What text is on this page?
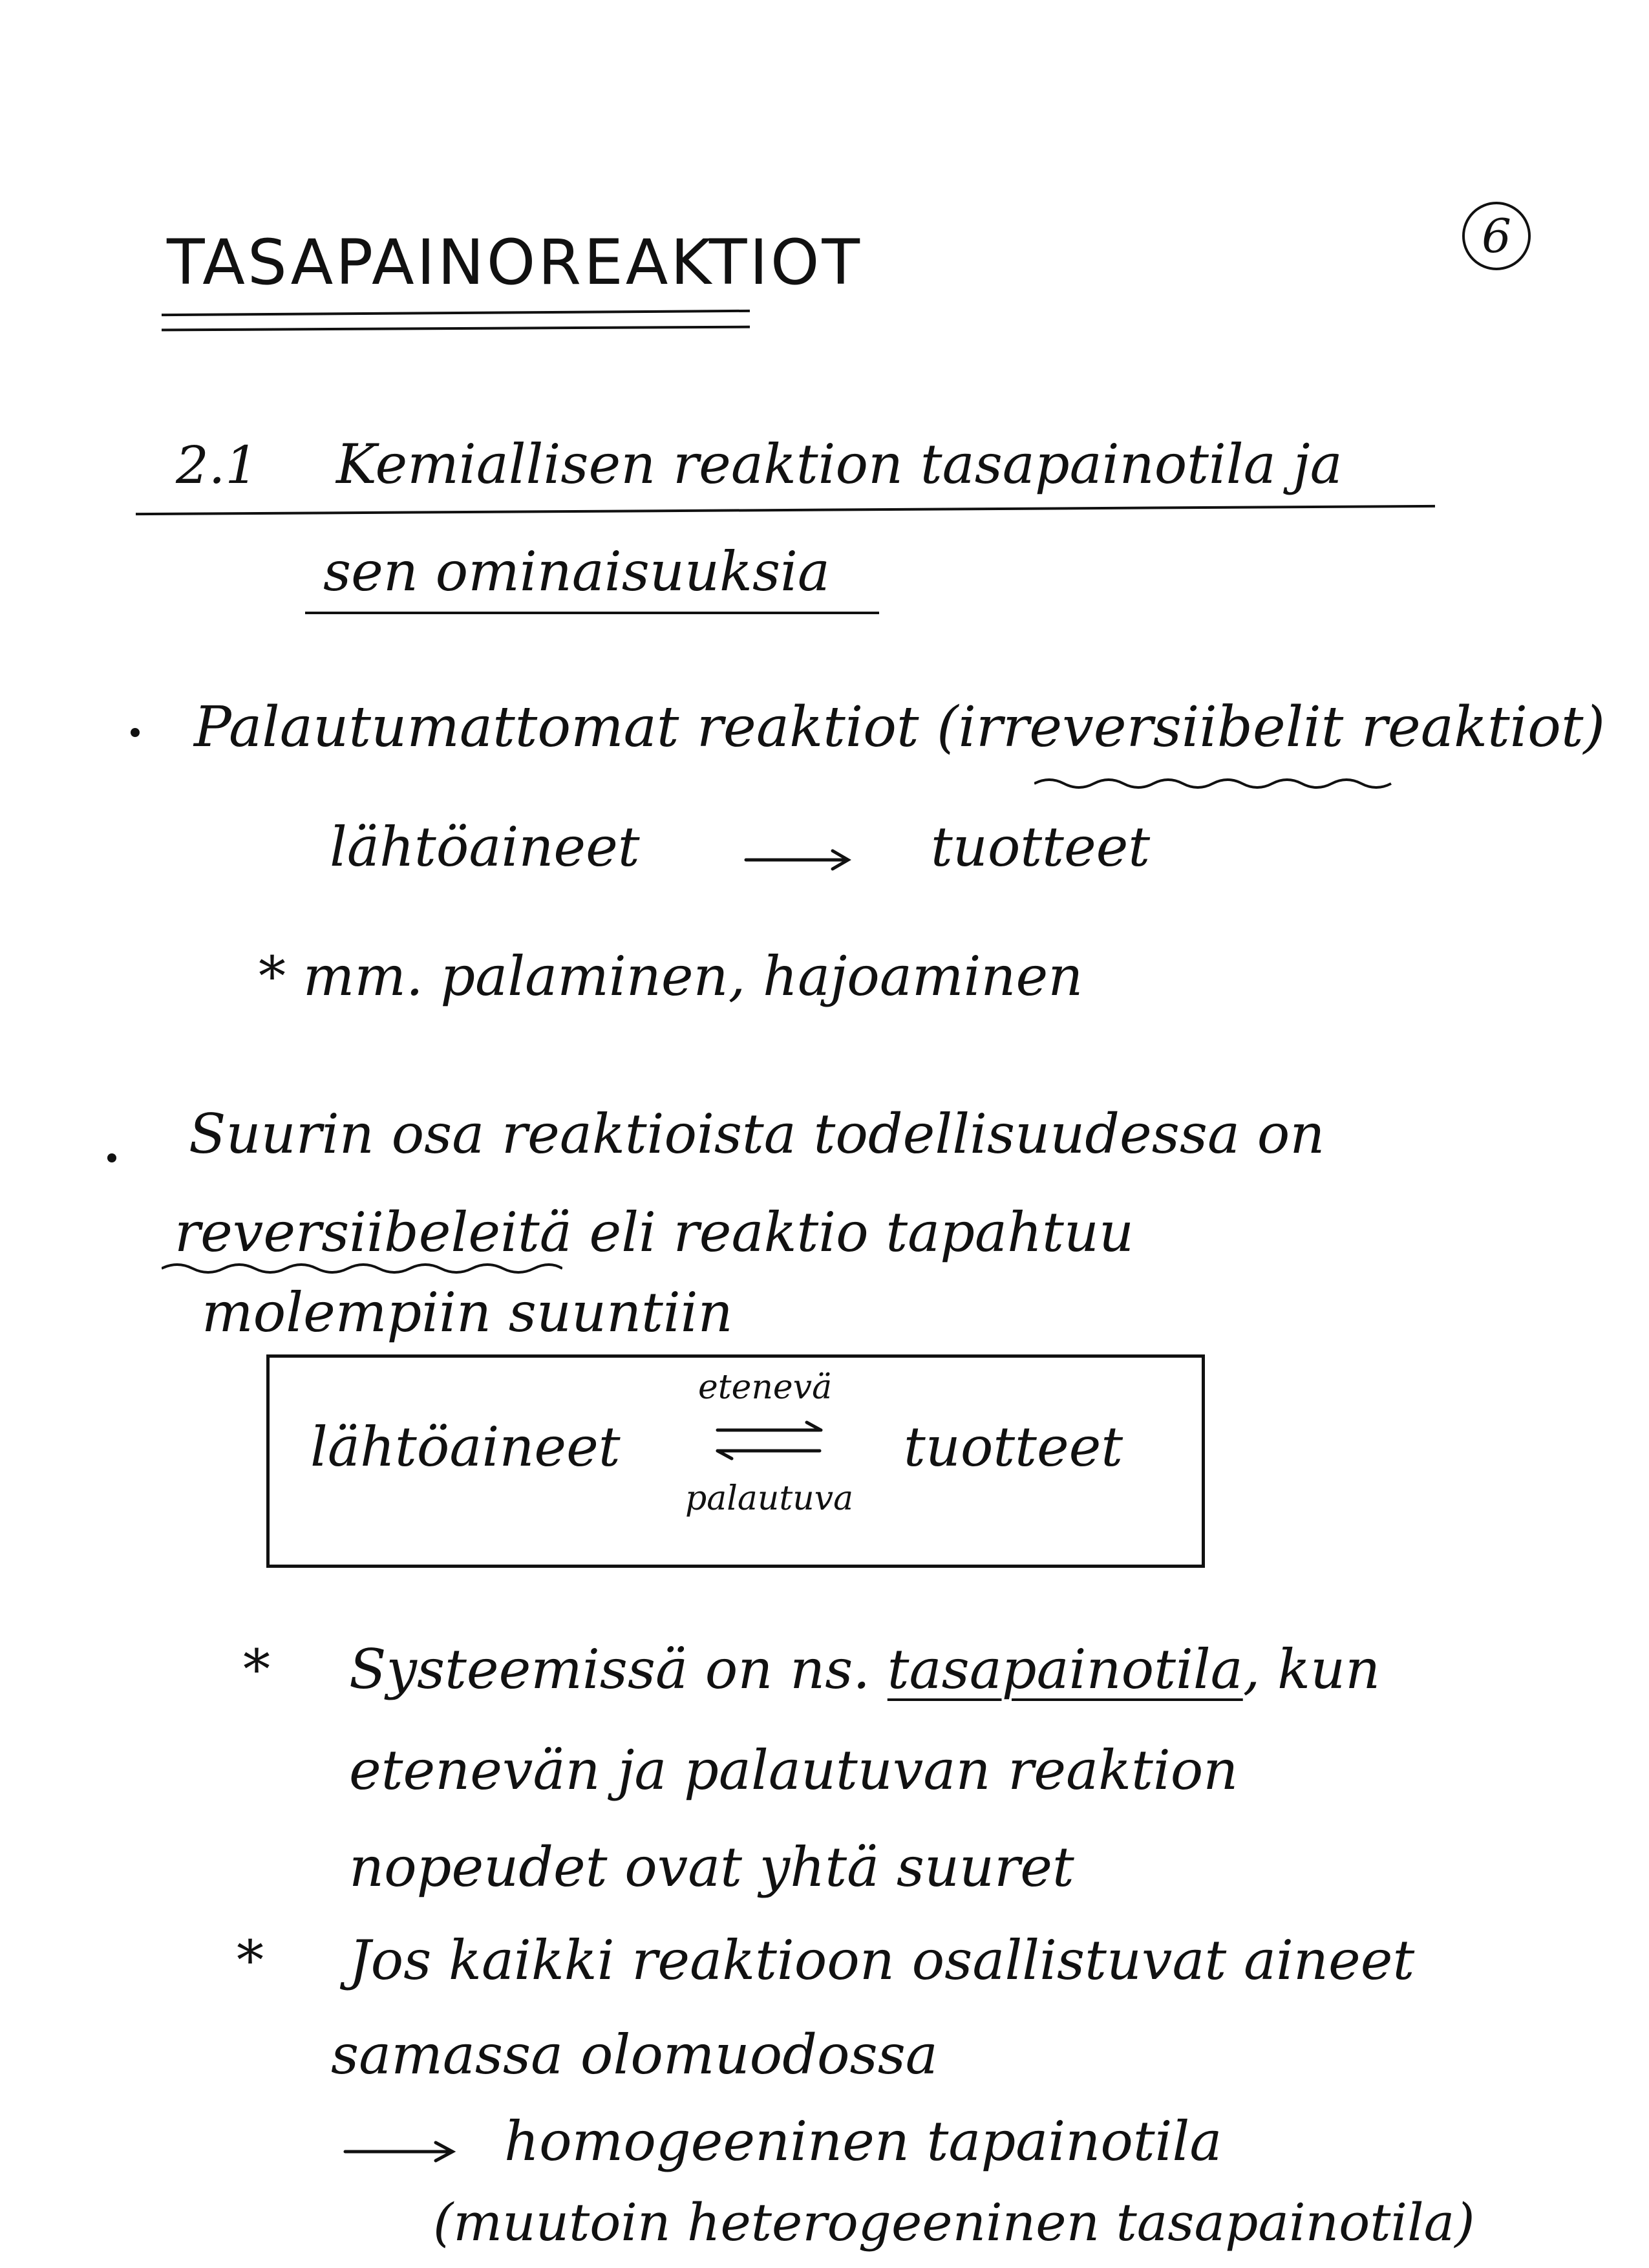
6
TASAPAINOREAKTIOT
2.1 Kemiallisen reaktion tasapainotila ja
sen ominaisuuksia
Palautumattomat reaktiot (irreversiibelit reaktiot)
lähtöaineet	tuotteet
* mm. palaminen, hajoaminen
Suurin osa reaktioista todellisuudessa on
reversiibeleitä eli reaktio tapahtuu
molempiin suuntiin
lähtöaineet
etenevä
palautuva
tuotteet
* Systeemissä on ns. tasapainotila, kun
etenevän ja palautuvan reaktion
nopeudet ovat yhtä suuret
* Jos kaikki reaktioon osallistuvat aineet
samassa olomuodossa
homogeeninen tapainotila
(muutoin heterogeeninen tasapainotila)
